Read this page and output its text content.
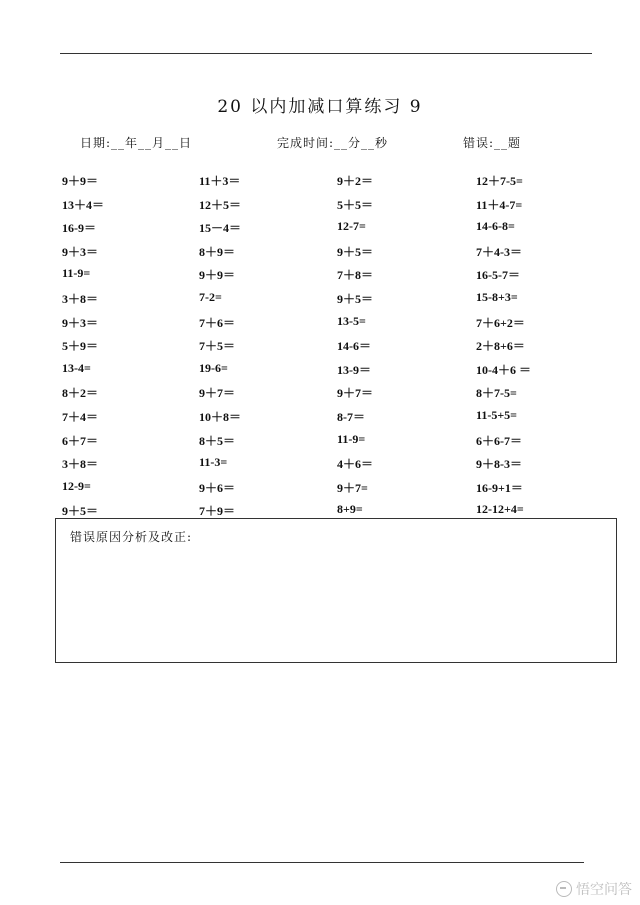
20 以内加减口算练习 9
日期:__年__月__日	完成时间:__分__秒	错误:__题
9＋9＝
13＋4＝
16-9＝
9＋3＝
11-9=
3＋8＝
9＋3＝
5＋9＝
13-4=
8＋2＝
7＋4＝
6＋7＝
3＋8＝
12-9=
9＋5＝
11＋3＝
12＋5＝
15－4＝
8＋9＝
9＋9＝
7-2=
7＋6＝
7＋5＝
19-6=
9＋7＝
10＋8＝
8＋5＝
11-3=
9＋6＝
7＋9＝
9＋2＝
5＋5＝
12-7=
9＋5＝
7＋8＝
9＋5＝
13-5=
14-6＝
13-9＝
9＋7＝
8-7＝
11-9=
4＋6＝
9＋7=
8+9=
12＋7-5=
11＋4-7=
14-6-8=
7＋4-3＝
16-5-7＝
15-8+3=
7＋6+2＝
2＋8+6＝
10-4＋6 ＝
8＋7-5=
11-5+5=
6＋6-7＝
9＋8-3＝
16-9+1＝
12-12+4=
错误原因分析及改正:
悟空问答
